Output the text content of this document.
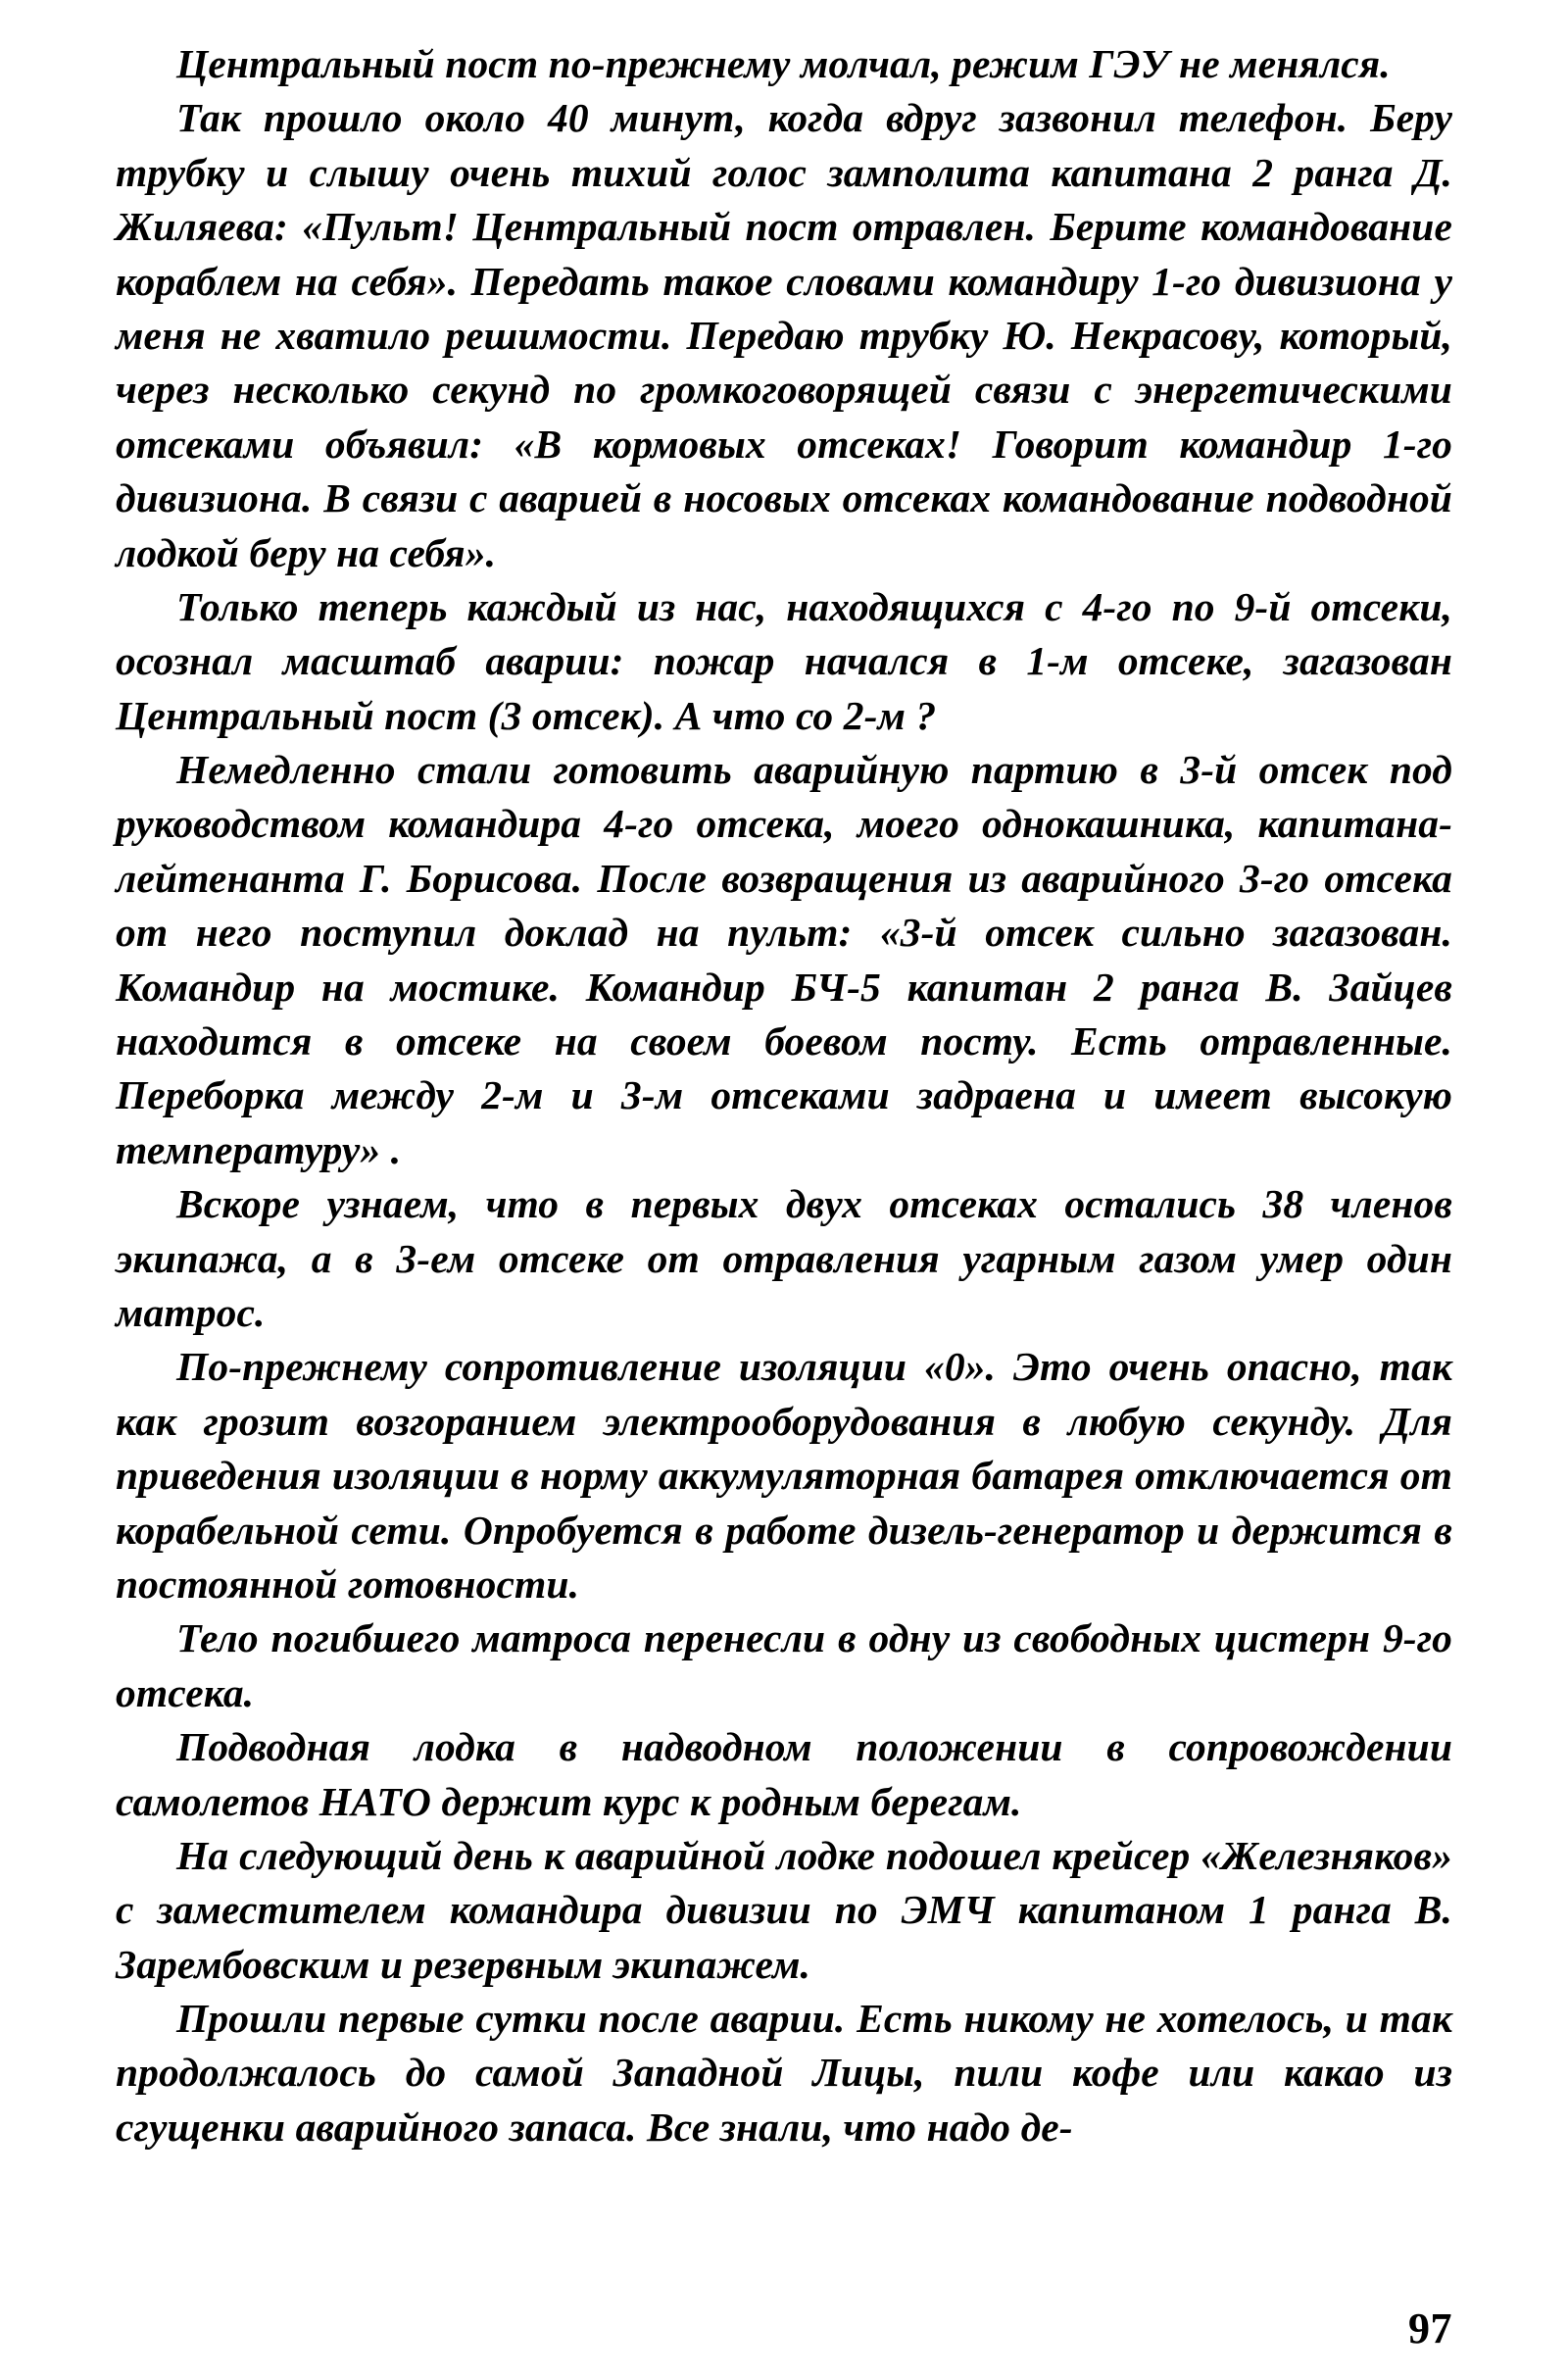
Центральный пост по-прежнему молчал, режим ГЭУ не менялся.

Так прошло около 40 минут, когда вдруг зазвонил телефон. Беру трубку и слышу очень тихий голос замполита капитана 2 ранга Д. Жиляева: «Пульт! Центральный пост отравлен. Берите командование кораблем на себя». Передать такое словами командиру 1-го дивизиона у меня не хватило решимости. Передаю трубку Ю. Некрасову, который, через несколько секунд по громкоговорящей связи с энергетическими отсеками объявил: «В кормовых отсеках! Говорит командир 1-го дивизиона. В связи с аварией в носовых отсеках командование подводной лодкой беру на себя».

Только теперь каждый из нас, находящихся с 4-го по 9-й отсеки, осознал масштаб аварии: пожар начался в 1-м отсеке, загазован Центральный пост (3 отсек). А что со 2-м ?

Немедленно стали готовить аварийную партию в 3-й отсек под руководством командира 4-го отсека, моего однокашника, капитана-лейтенанта Г. Борисова. После возвращения из аварийного 3-го отсека от него поступил доклад на пульт: «3-й отсек сильно загазован. Командир на мостике. Командир БЧ-5 капитан 2 ранга В. Зайцев находится в отсеке на своем боевом посту. Есть отравленные. Переборка между 2-м и 3-м отсеками задраена и имеет высокую температуру» .

Вскоре узнаем, что в первых двух отсеках остались 38 членов экипажа, а в 3-ем отсеке от отравления угарным газом умер один матрос.

По-прежнему сопротивление изоляции «0». Это очень опасно, так как грозит возгоранием электрооборудования в любую секунду. Для приведения изоляции в норму аккумуляторная батарея отключается от корабельной сети. Опробуется в работе дизель-генератор и держится в постоянной готовности.

Тело погибшего матроса перенесли в одну из свободных цистерн 9-го отсека.

Подводная лодка в надводном положении в сопровождении самолетов НАТО держит курс к родным берегам.

На следующий день к аварийной лодке подошел крейсер «Железняков» с заместителем командира дивизии по ЭМЧ капитаном 1 ранга В. Зарембовским и резервным экипажем.

Прошли первые сутки после аварии. Есть никому не хотелось, и так продолжалось до самой Западной Лицы, пили кофе или какао из сгущенки аварийного запаса. Все знали, что надо де-

97
